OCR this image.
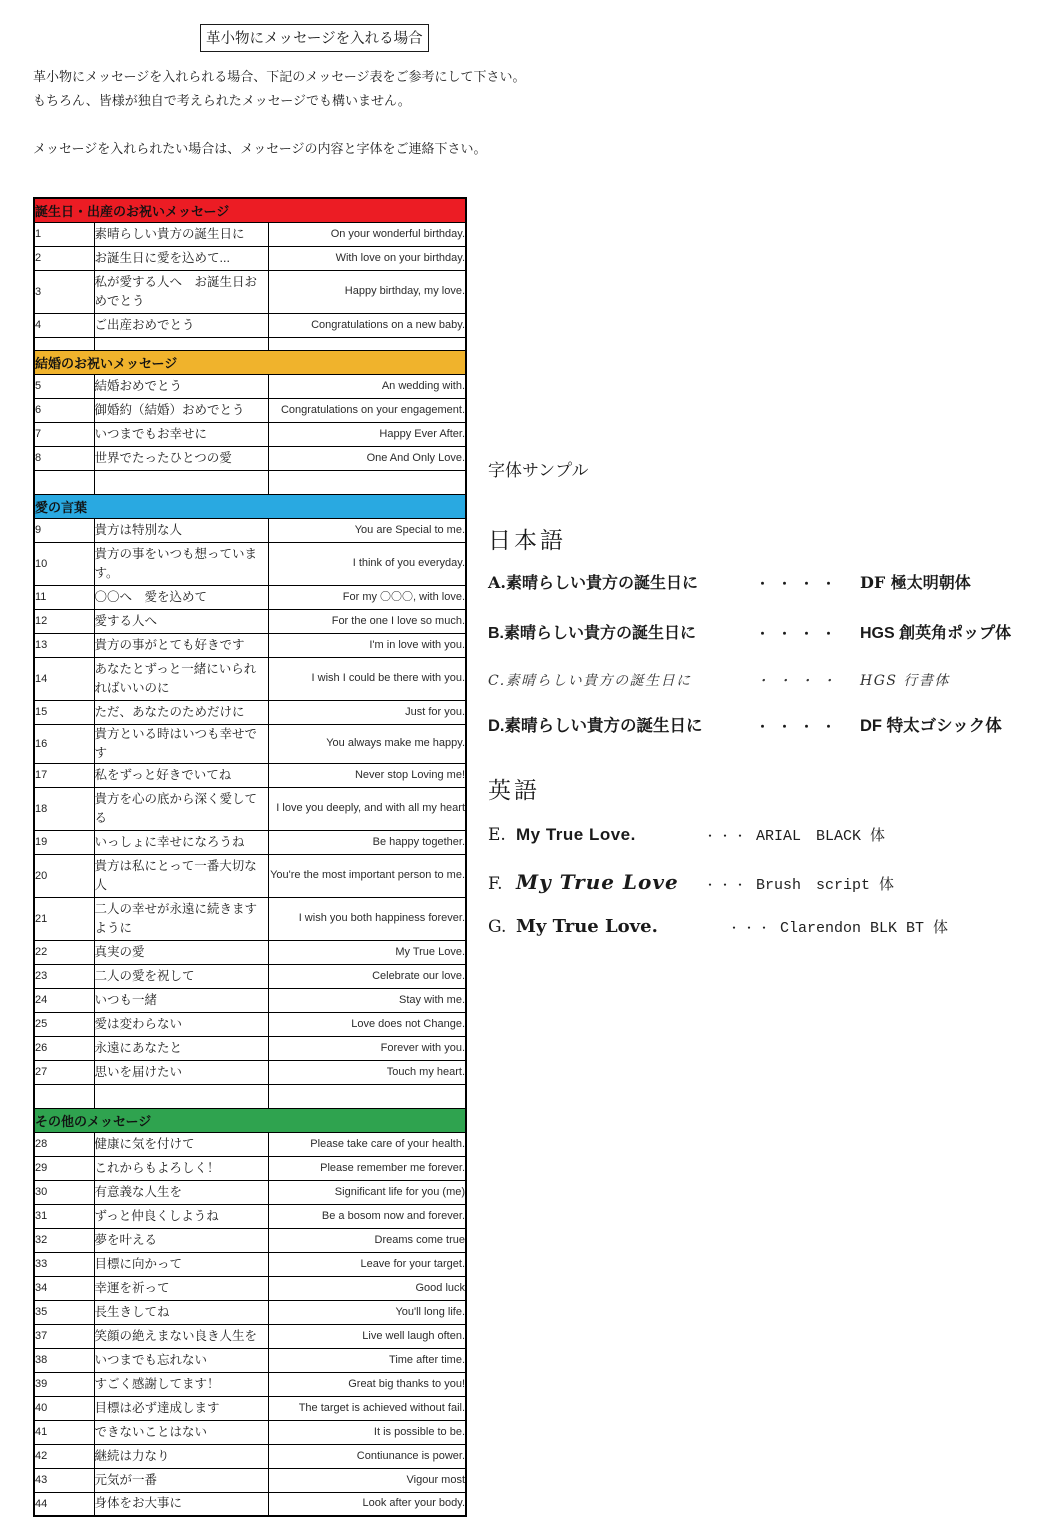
革小物にメッセージを入れる場合
革小物にメッセージを入れられる場合、下記のメッセージ表をご参考にして下さい。
もちろん、皆様が独自で考えられたメッセージでも構いません。
メッセージを入れられたい場合は、メッセージの内容と字体をご連絡下さい。
誕生日・出産のお祝いメッセージ		
1	素晴らしい貴方の誕生日に	On your wonderful birthday.
2	お誕生日に愛を込めて...	With love on your birthday.
3	私が愛する人へ　お誕生日おめでとう	Happy birthday, my love.
4	ご出産おめでとう	Congratulations on a new baby.

結婚のお祝いメッセージ		
5	結婚おめでとう	An wedding with.
6	御婚約（結婚）おめでとう	Congratulations on your engagement.
7	いつまでもお幸せに	Happy Ever After.
8	世界でたったひとつの愛	One And Only Love.

愛の言葉		
9	貴方は特別な人	You are Special to me.
10	貴方の事をいつも想っています。	I think of you everyday.
11	〇〇へ　愛を込めて	For my 〇〇〇, with love.
12	愛する人へ	For the one I love so much.
13	貴方の事がとても好きです	I'm in love with you.
14	あなたとずっと一緒にいられればいいのに	I wish I could be there with you.
15	ただ、あなたのためだけに	Just for you.
16	貴方といる時はいつも幸せです	You always make me happy.
17	私をずっと好きでいてね	Never stop Loving me!
18	貴方を心の底から深く愛してる	I love you deeply, and with all my heart
19	いっしょに幸せになろうね	Be happy together.
20	貴方は私にとって一番大切な人	You're the most important person to me.
21	二人の幸せが永遠に続きますように	I wish you both happiness forever.
22	真実の愛	My True Love.
23	二人の愛を祝して	Celebrate our love.
24	いつも一緒	Stay with me.
25	愛は変わらない	Love does not Change.
26	永遠にあなたと	Forever with you.
27	思いを届けたい	Touch my heart.

その他のメッセージ		
28	健康に気を付けて	Please take care of your health.
29	これからもよろしく！	Please remember me forever.
30	有意義な人生を	Significant life for you (me)
31	ずっと仲良くしようね	Be a bosom now and forever.
32	夢を叶える	Dreams come true
33	目標に向かって	Leave for your target.
34	幸運を祈って	Good luck
35	長生きしてね	You'll long life.
37	笑顔の絶えまない良き人生を	Live well laugh often.
38	いつまでも忘れない	Time after time.
39	すごく感謝してます！	Great big thanks to you!
40	目標は必ず達成します	The target is achieved without fail.
41	できないことはない	It is possible to be.
42	継続は力なり	Contiunance is power.
43	元気が一番	Vigour most
44	身体をお大事に	Look after your body.
字体サンプル
日本語
A.素晴らしい貴方の誕生日に	・・・・ DF 極太明朝体
B.素晴らしい貴方の誕生日に	・・・・ HGS 創英角ポップ体
C.素晴らしい貴方の誕生日に	・・・・ HGS 行書体
D.素晴らしい貴方の誕生日に	・・・・ DF 特太ゴシック体
英語
E. My True Love.	・・・ ARIAL　BLACK 体
F. My True Love	・・・ Brush　script 体
G. My True Love.	・・・ Clarendon BLK BT 体
